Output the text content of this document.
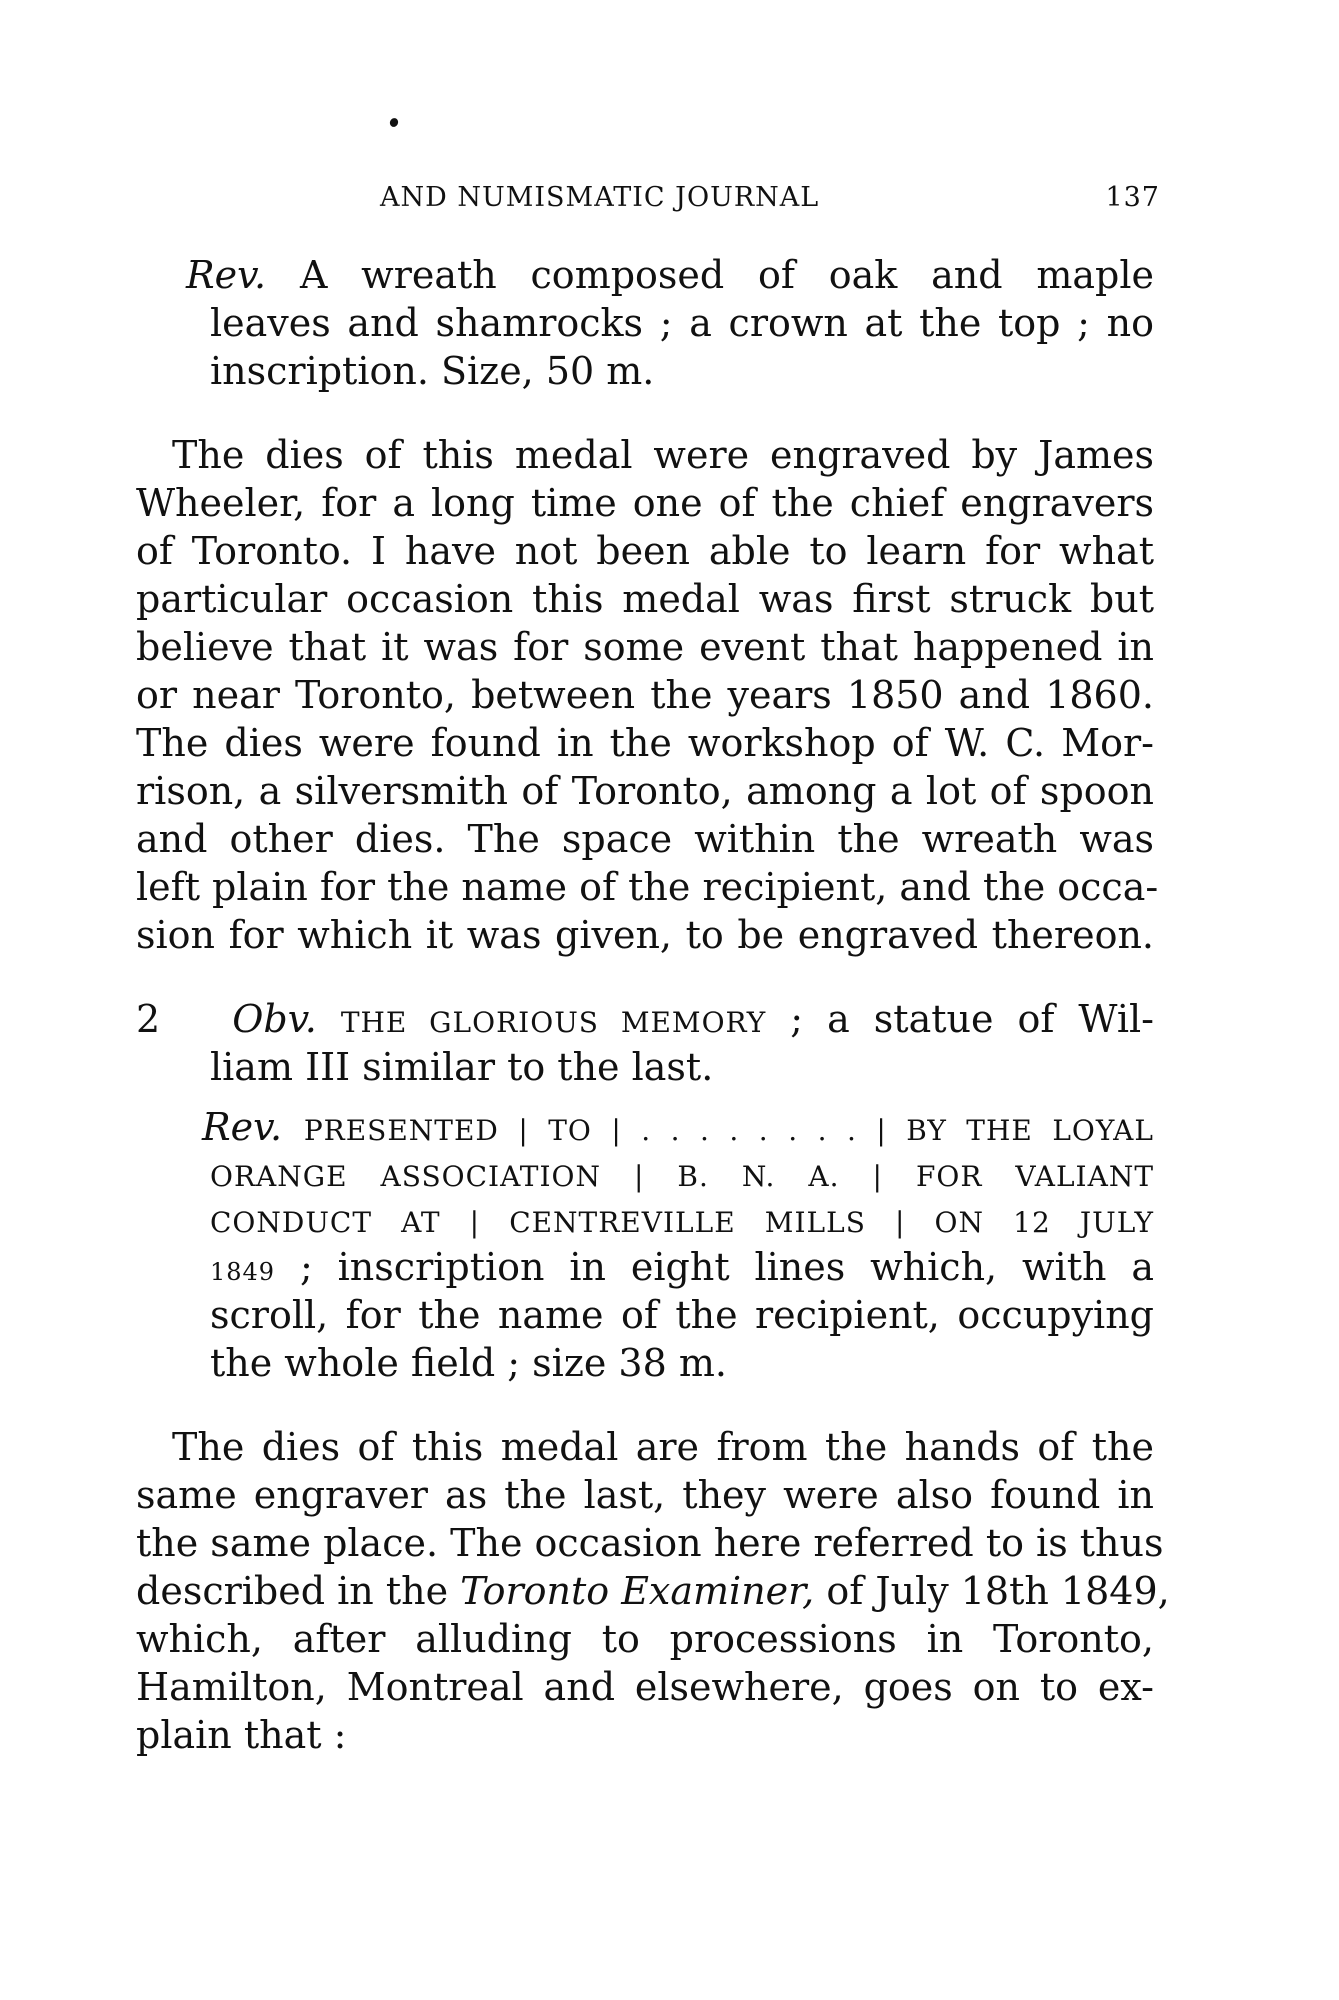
AND NUMISMATIC JOURNAL	137
Rev. A wreath composed of oak and maple
leaves and shamrocks ; a crown at the top ; no
inscription. Size, 50 m.
The dies of this medal were engraved by James
Wheeler, for a long time one of the chief engravers
of Toronto. I have not been able to learn for what
particular occasion this medal was first struck but
believe that it was for some event that happened in
or near Toronto, between the years 1850 and 1860.
The dies were found in the workshop of W. C. Mor-
rison, a silversmith of Toronto, among a lot of spoon
and other dies. The space within the wreath was
left plain for the name of the recipient, and the occa-
sion for which it was given, to be engraved thereon.
2 Obv. THE GLORIOUS MEMORY ; a statue of Wil-
liam III similar to the last.
Rev. PRESENTED | TO | . . . . . . . . | BY THE LOYAL
ORANGE ASSOCIATION | B. N. A. | FOR VALIANT
CONDUCT AT | CENTREVILLE MILLS | ON 12 JULY
1849 ; inscription in eight lines which, with a
scroll, for the name of the recipient, occupying
the whole field ; size 38 m.
The dies of this medal are from the hands of the
same engraver as the last, they were also found in
the same place. The occasion here referred to is thus
described in the Toronto Examiner, of July 18th 1849,
which, after alluding to processions in Toronto,
Hamilton, Montreal and elsewhere, goes on to ex-
plain that :
